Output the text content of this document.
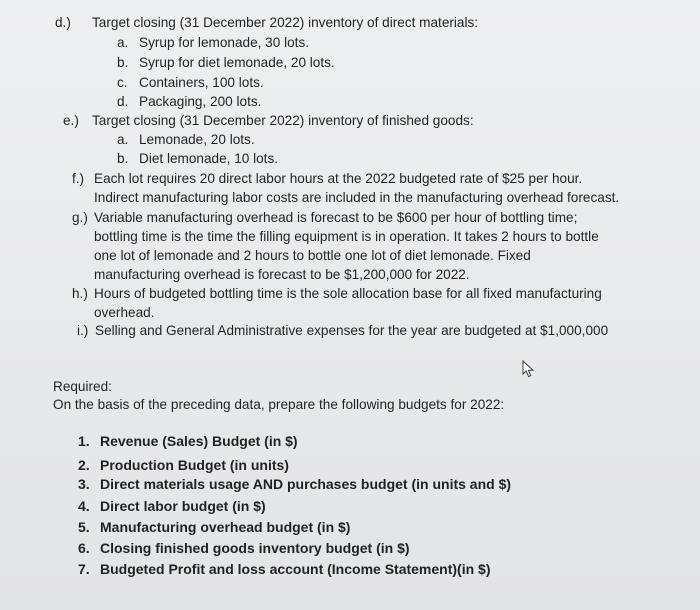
d.) Target closing (31 December 2022) inventory of direct materials:
a. Syrup for lemonade, 30 lots.
b. Syrup for diet lemonade, 20 lots.
c. Containers, 100 lots.
d. Packaging, 200 lots.
e.) Target closing (31 December 2022) inventory of finished goods:
a. Lemonade, 20 lots.
b. Diet lemonade, 10 lots.
f.) Each lot requires 20 direct labor hours at the 2022 budgeted rate of $25 per hour.
Indirect manufacturing labor costs are included in the manufacturing overhead forecast.
g.) Variable manufacturing overhead is forecast to be $600 per hour of bottling time;
bottling time is the time the filling equipment is in operation. It takes 2 hours to bottle
one lot of lemonade and 2 hours to bottle one lot of diet lemonade. Fixed
manufacturing overhead is forecast to be $1,200,000 for 2022.
h.) Hours of budgeted bottling time is the sole allocation base for all fixed manufacturing
overhead.
i.) Selling and General Administrative expenses for the year are budgeted at $1,000,000
Required:
On the basis of the preceding data, prepare the following budgets for 2022:
1. Revenue (Sales) Budget (in $)
2. Production Budget (in units)
3. Direct materials usage AND purchases budget (in units and $)
4. Direct labor budget (in $)
5. Manufacturing overhead budget (in $)
6. Closing finished goods inventory budget (in $)
7. Budgeted Profit and loss account (Income Statement)(in $)
